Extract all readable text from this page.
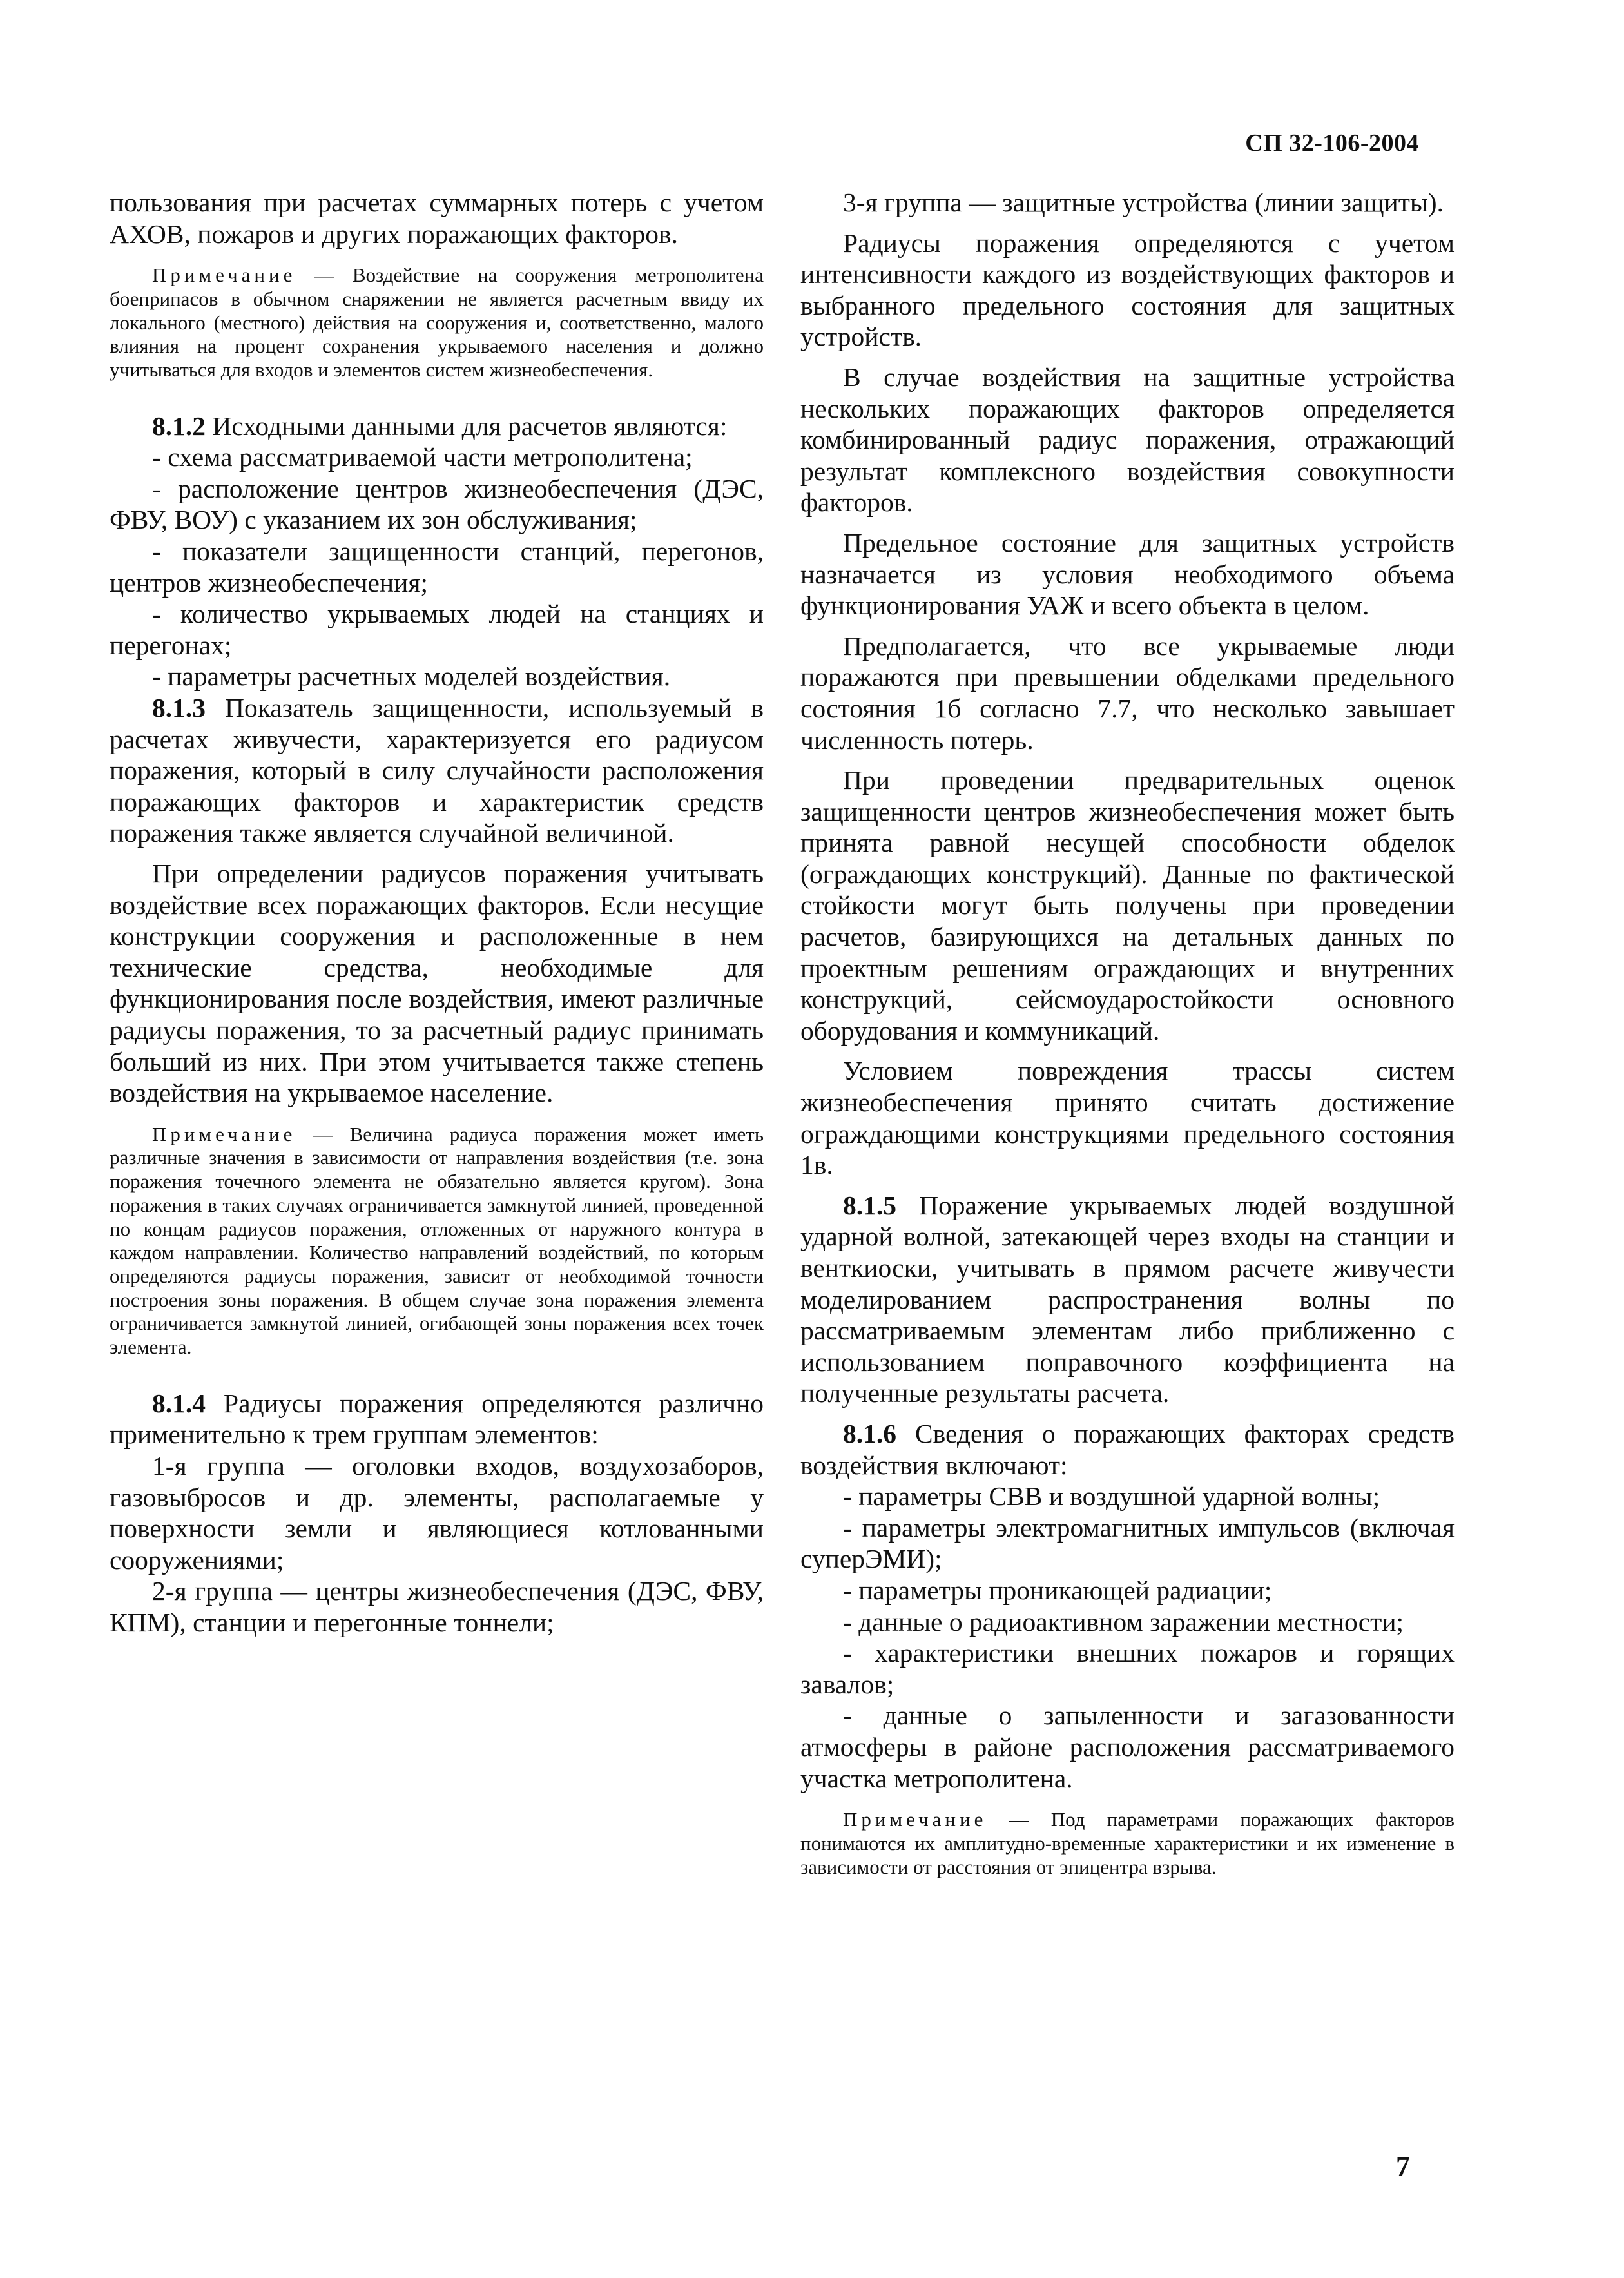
СП 32-106-2004

пользования при расчетах суммарных потерь с учетом АХОВ, пожаров и других поражающих факторов.

Примечание — Воздействие на сооружения метрополитена боеприпасов в обычном снаряжении не является расчетным ввиду их локального (местного) действия на сооружения и, соответственно, малого влияния на процент сохранения укрываемого населения и должно учитываться для входов и элементов систем жизнеобеспечения.

8.1.2 Исходными данными для расчетов являются:

- схема рассматриваемой части метрополитена;

- расположение центров жизнеобеспечения (ДЭС, ФВУ, ВОУ) с указанием их зон обслуживания;

- показатели защищенности станций, перегонов, центров жизнеобеспечения;

- количество укрываемых людей на станциях и перегонах;

- параметры расчетных моделей воздействия.

8.1.3 Показатель защищенности, используемый в расчетах живучести, характеризуется его радиусом поражения, который в силу случайности расположения поражающих факторов и характеристик средств поражения также является случайной величиной.

При определении радиусов поражения учитывать воздействие всех поражающих факторов. Если несущие конструкции сооружения и расположенные в нем технические средства, необходимые для функционирования после воздействия, имеют различные радиусы поражения, то за расчетный радиус принимать больший из них. При этом учитывается также степень воздействия на укрываемое население.

Примечание — Величина радиуса поражения может иметь различные значения в зависимости от направления воздействия (т.е. зона поражения точечного элемента не обязательно является кругом). Зона поражения в таких случаях ограничивается замкнутой линией, проведенной по концам радиусов поражения, отложенных от наружного контура в каждом направлении. Количество направлений воздействий, по которым определяются радиусы поражения, зависит от необходимой точности построения зоны поражения. В общем случае зона поражения элемента ограничивается замкнутой линией, огибающей зоны поражения всех точек элемента.

8.1.4 Радиусы поражения определяются различно применительно к трем группам элементов:

1-я группа — оголовки входов, воздухозаборов, газовыбросов и др. элементы, располагаемые у поверхности земли и являющиеся котлованными сооружениями;

2-я группа — центры жизнеобеспечения (ДЭС, ФВУ, КПМ), станции и перегонные тоннели;

3-я группа — защитные устройства (линии защиты).

Радиусы поражения определяются с учетом интенсивности каждого из воздействующих факторов и выбранного предельного состояния для защитных устройств.

В случае воздействия на защитные устройства нескольких поражающих факторов определяется комбинированный радиус поражения, отражающий результат комплексного воздействия совокупности факторов.

Предельное состояние для защитных устройств назначается из условия необходимого объема функционирования УАЖ и всего объекта в целом.

Предполагается, что все укрываемые люди поражаются при превышении обделками предельного состояния 1б согласно 7.7, что несколько завышает численность потерь.

При проведении предварительных оценок защищенности центров жизнеобеспечения может быть принята равной несущей способности обделок (ограждающих конструкций). Данные по фактической стойкости могут быть получены при проведении расчетов, базирующихся на детальных данных по проектным решениям ограждающих и внутренних конструкций, сейсмоударостойкости основного оборудования и коммуникаций.

Условием повреждения трассы систем жизнеобеспечения принято считать достижение ограждающими конструкциями предельного состояния 1в.

8.1.5 Поражение укрываемых людей воздушной ударной волной, затекающей через входы на станции и венткиоски, учитывать в прямом расчете живучести моделированием распространения волны по рассматриваемым элементам либо приближенно с использованием поправочного коэффициента на полученные результаты расчета.

8.1.6 Сведения о поражающих факторах средств воздействия включают:

- параметры СВВ и воздушной ударной волны;

- параметры электромагнитных импульсов (включая суперЭМИ);

- параметры проникающей радиации;

- данные о радиоактивном заражении местности;

- характеристики внешних пожаров и горящих завалов;

- данные о запыленности и загазованности атмосферы в районе расположения рассматриваемого участка метрополитена.

Примечание — Под параметрами поражающих факторов понимаются их амплитудно-временные характеристики и их изменение в зависимости от расстояния от эпицентра взрыва.

7
